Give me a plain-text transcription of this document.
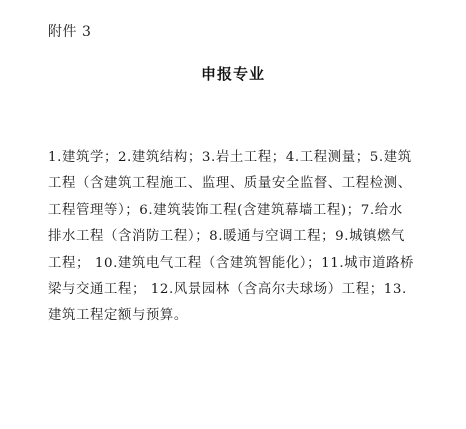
附件 3
申报专业
1.建筑学；2.建筑结构；3.岩土工程；4.工程测量；5.建筑
工程（含建筑工程施工、监理、质量安全监督、工程检测、
工程管理等）；6.建筑装饰工程(含建筑幕墙工程)；7.给水
排水工程（含消防工程）；8.暖通与空调工程；9.城镇燃气
工程； 10.建筑电气工程（含建筑智能化）；11.城市道路桥
梁与交通工程； 12.风景园林（含高尔夫球场）工程；13.
建筑工程定额与预算。
